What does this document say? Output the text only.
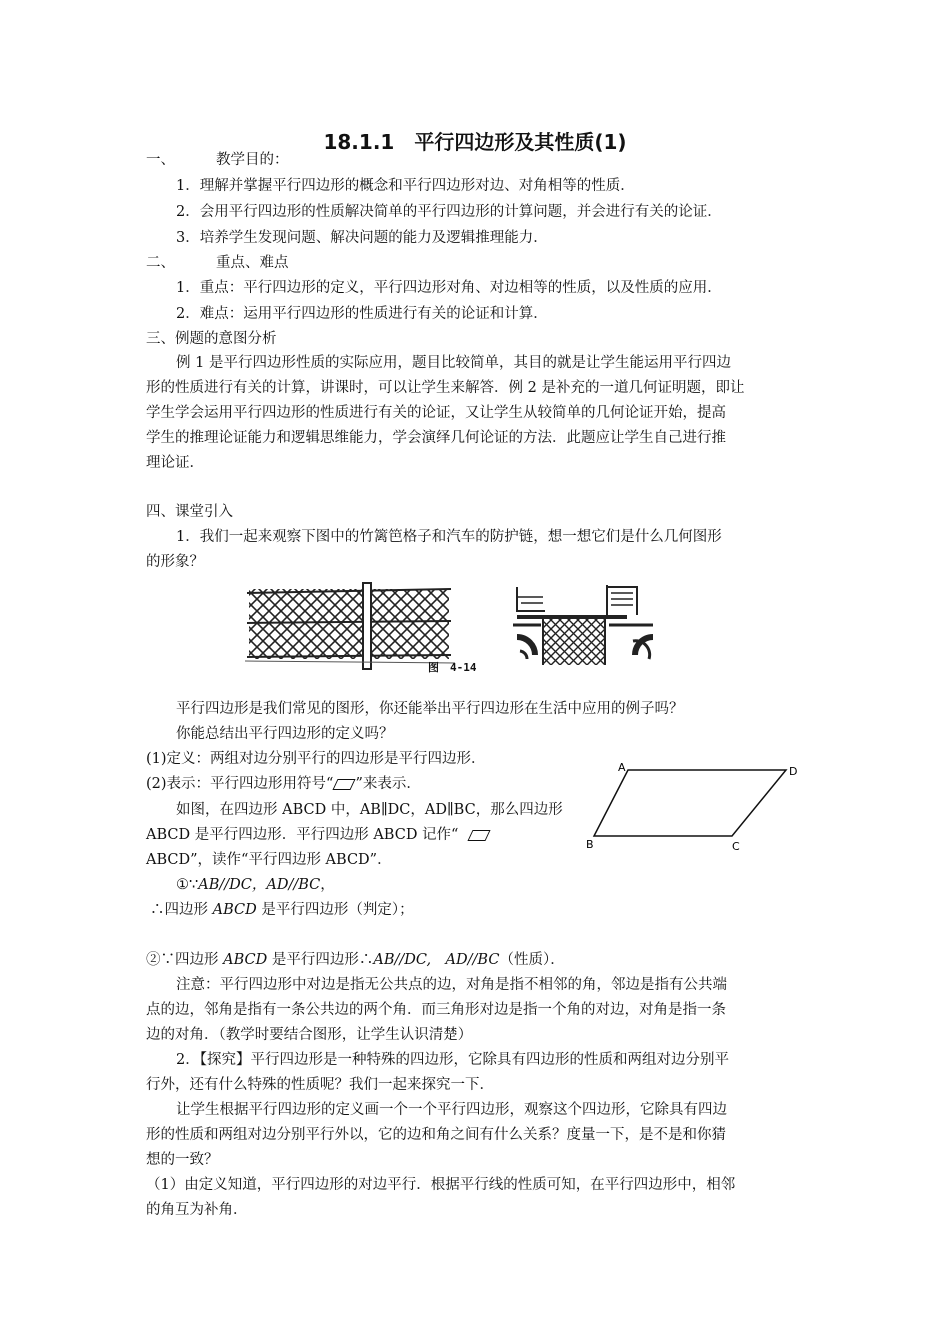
18.1.1　平行四边形及其性质(1)
一、	教学目的：
1．理解并掌握平行四边形的概念和平行四边形对边、对角相等的性质．
2．会用平行四边形的性质解决简单的平行四边形的计算问题，并会进行有关的论证．
3．培养学生发现问题、解决问题的能力及逻辑推理能力．
二、	重点、难点
1．重点：平行四边形的定义，平行四边形对角、对边相等的性质，以及性质的应用．
2．难点：运用平行四边形的性质进行有关的论证和计算．
三、例题的意图分析
例 1 是平行四边形性质的实际应用，题目比较简单，其目的就是让学生能运用平行四边
形的性质进行有关的计算，讲课时，可以让学生来解答．例 2 是补充的一道几何证明题，即让
学生学会运用平行四边形的性质进行有关的论证，又让学生从较简单的几何论证开始，提高
学生的推理论证能力和逻辑思维能力，学会演绎几何论证的方法．此题应让学生自己进行推
理论证．
四、课堂引入
1．我们一起来观察下图中的竹篱笆格子和汽车的防护链，想一想它们是什么几何图形
的形象？
图　4-14
平行四边形是我们常见的图形，你还能举出平行四边形在生活中应用的例子吗？
你能总结出平行四边形的定义吗？
(1)定义：两组对边分别平行的四边形是平行四边形．
(2)表示：平行四边形用符号“ ”来表示．
如图，在四边形 ABCD 中，AB∥DC，AD∥BC，那么四边形
ABCD 是平行四边形．平行四边形 ABCD 记作“
ABCD”，读作“平行四边形 ABCD”．
A	D
B	C
①∵AB//DC，AD//BC，
∴四边形 ABCD 是平行四边形（判定）；
②∵四边形 ABCD 是平行四边形∴AB//DC,　AD//BC（性质）．
注意：平行四边形中对边是指无公共点的边，对角是指不相邻的角，邻边是指有公共端
点的边，邻角是指有一条公共边的两个角．而三角形对边是指一个角的对边，对角是指一条
边的对角．（教学时要结合图形，让学生认识清楚）
2．【探究】平行四边形是一种特殊的四边形，它除具有四边形的性质和两组对边分别平
行外，还有什么特殊的性质呢？我们一起来探究一下．
让学生根据平行四边形的定义画一个一个平行四边形，观察这个四边形，它除具有四边
形的性质和两组对边分别平行外以，它的边和角之间有什么关系？度量一下，是不是和你猜
想的一致？
（1）由定义知道，平行四边形的对边平行．根据平行线的性质可知，在平行四边形中，相邻
的角互为补角．
